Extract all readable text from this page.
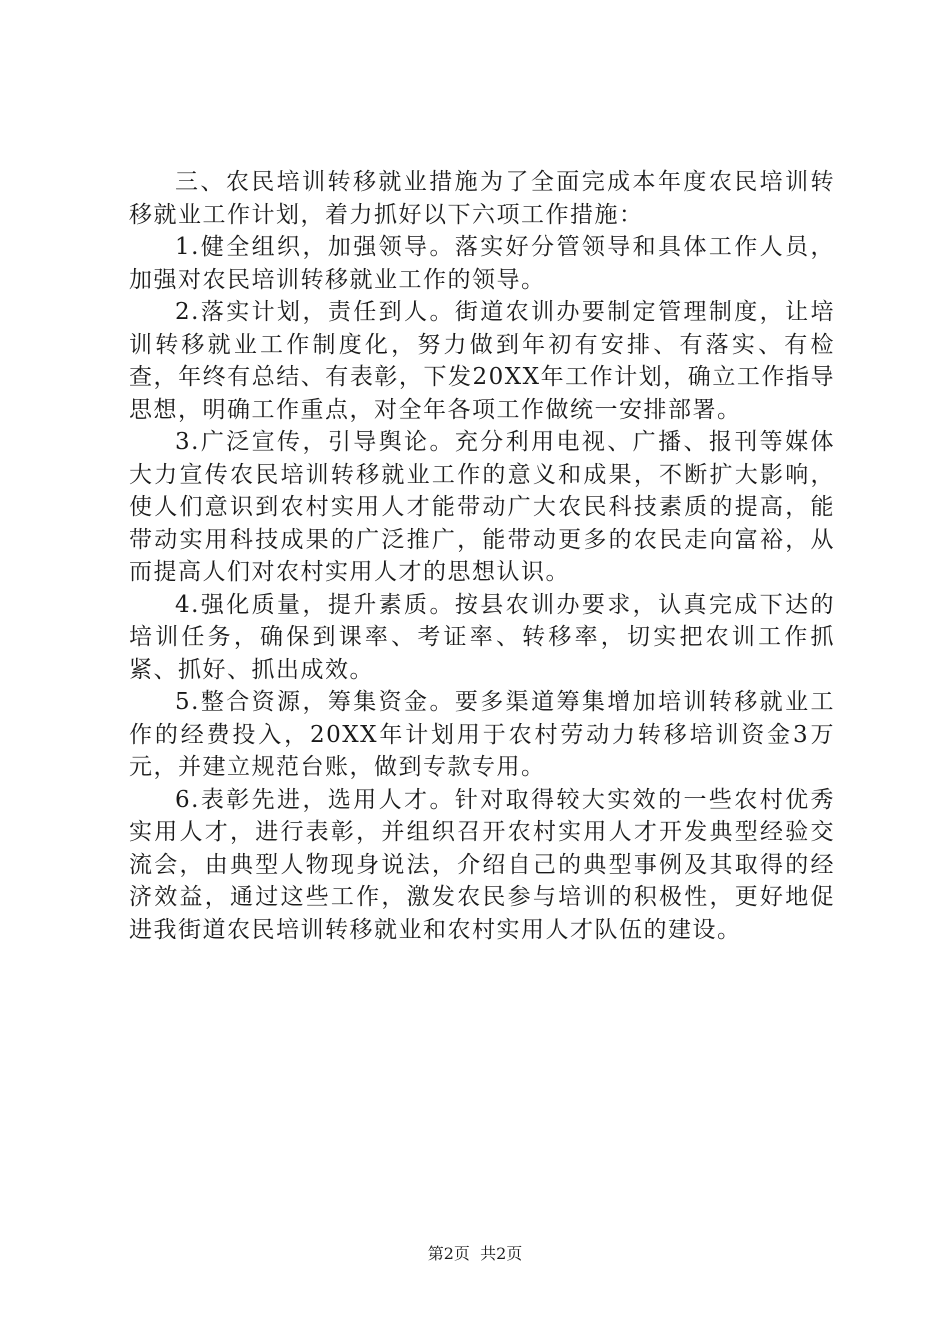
三、农民培训转移就业措施为了全面完成本年度农民培训转移就业工作计划，着力抓好以下六项工作措施：

1.健全组织，加强领导。落实好分管领导和具体工作人员，加强对农民培训转移就业工作的领导。

2.落实计划，责任到人。街道农训办要制定管理制度，让培训转移就业工作制度化，努力做到年初有安排、有落实、有检查，年终有总结、有表彰，下发20XX年工作计划，确立工作指导思想，明确工作重点，对全年各项工作做统一安排部署。

3.广泛宣传，引导舆论。充分利用电视、广播、报刊等媒体大力宣传农民培训转移就业工作的意义和成果，不断扩大影响，使人们意识到农村实用人才能带动广大农民科技素质的提高，能带动实用科技成果的广泛推广，能带动更多的农民走向富裕，从而提高人们对农村实用人才的思想认识。

4.强化质量，提升素质。按县农训办要求，认真完成下达的培训任务，确保到课率、考证率、转移率，切实把农训工作抓紧、抓好、抓出成效。

5.整合资源，筹集资金。要多渠道筹集增加培训转移就业工作的经费投入，20XX年计划用于农村劳动力转移培训资金3万元，并建立规范台账，做到专款专用。

6.表彰先进，选用人才。针对取得较大实效的一些农村优秀实用人才，进行表彰，并组织召开农村实用人才开发典型经验交流会，由典型人物现身说法，介绍自己的典型事例及其取得的经济效益，通过这些工作，激发农民参与培训的积极性，更好地促进我街道农民培训转移就业和农村实用人才队伍的建设。

第2页  共2页
